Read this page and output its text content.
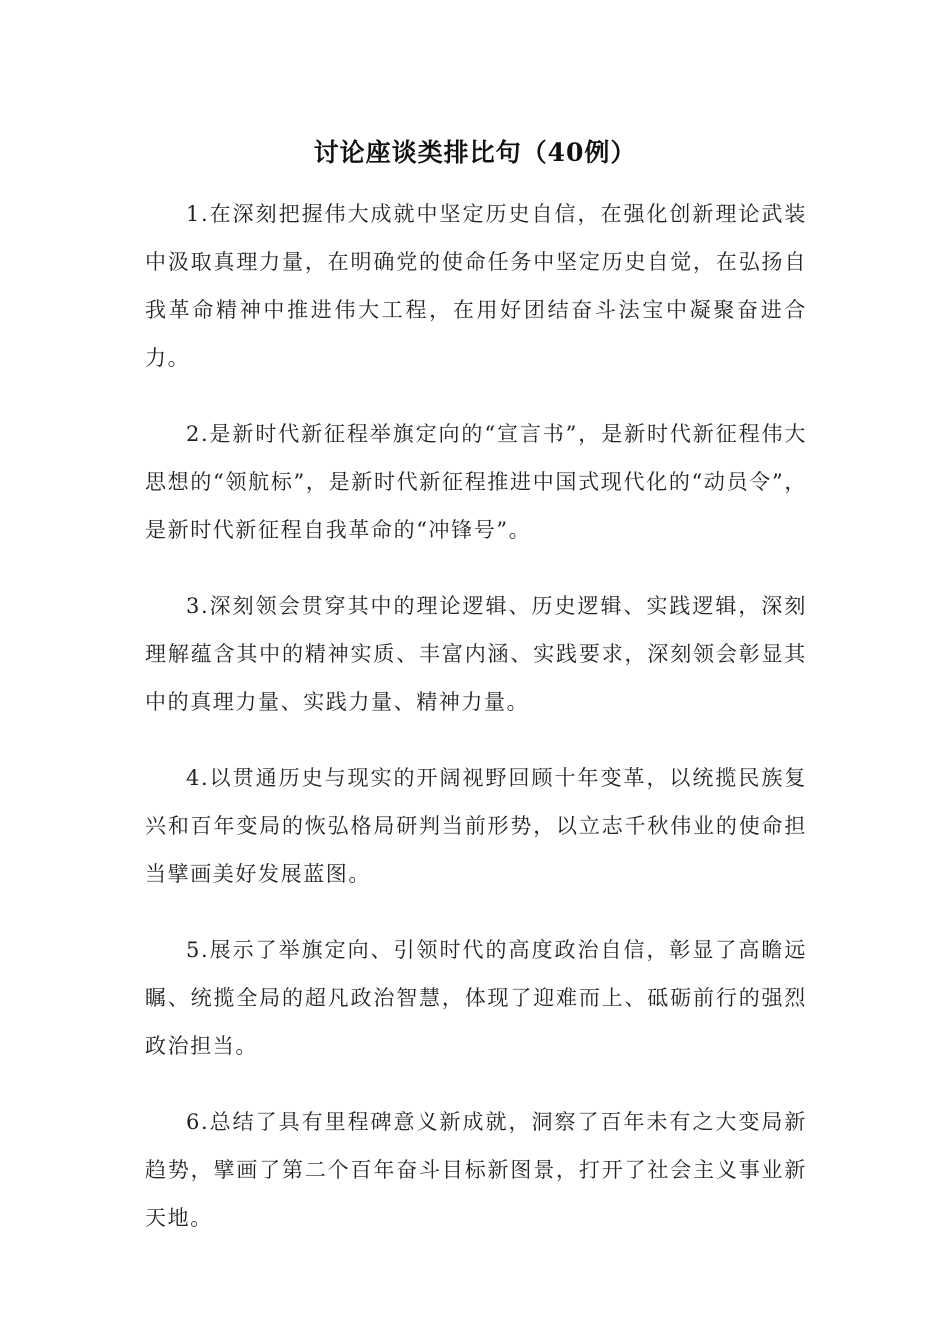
讨论座谈类排比句（40例）

1.在深刻把握伟大成就中坚定历史自信，在强化创新理论武装中汲取真理力量，在明确党的使命任务中坚定历史自觉，在弘扬自我革命精神中推进伟大工程，在用好团结奋斗法宝中凝聚奋进合力。

2.是新时代新征程举旗定向的“宣言书”，是新时代新征程伟大思想的“领航标”，是新时代新征程推进中国式现代化的“动员令”，是新时代新征程自我革命的“冲锋号”。

3.深刻领会贯穿其中的理论逻辑、历史逻辑、实践逻辑，深刻理解蕴含其中的精神实质、丰富内涵、实践要求，深刻领会彰显其中的真理力量、实践力量、精神力量。

4.以贯通历史与现实的开阔视野回顾十年变革，以统揽民族复兴和百年变局的恢弘格局研判当前形势，以立志千秋伟业的使命担当擘画美好发展蓝图。

5.展示了举旗定向、引领时代的高度政治自信，彰显了高瞻远瞩、统揽全局的超凡政治智慧，体现了迎难而上、砥砺前行的强烈政治担当。

6.总结了具有里程碑意义新成就，洞察了百年未有之大变局新趋势，擘画了第二个百年奋斗目标新图景，打开了社会主义事业新天地。
